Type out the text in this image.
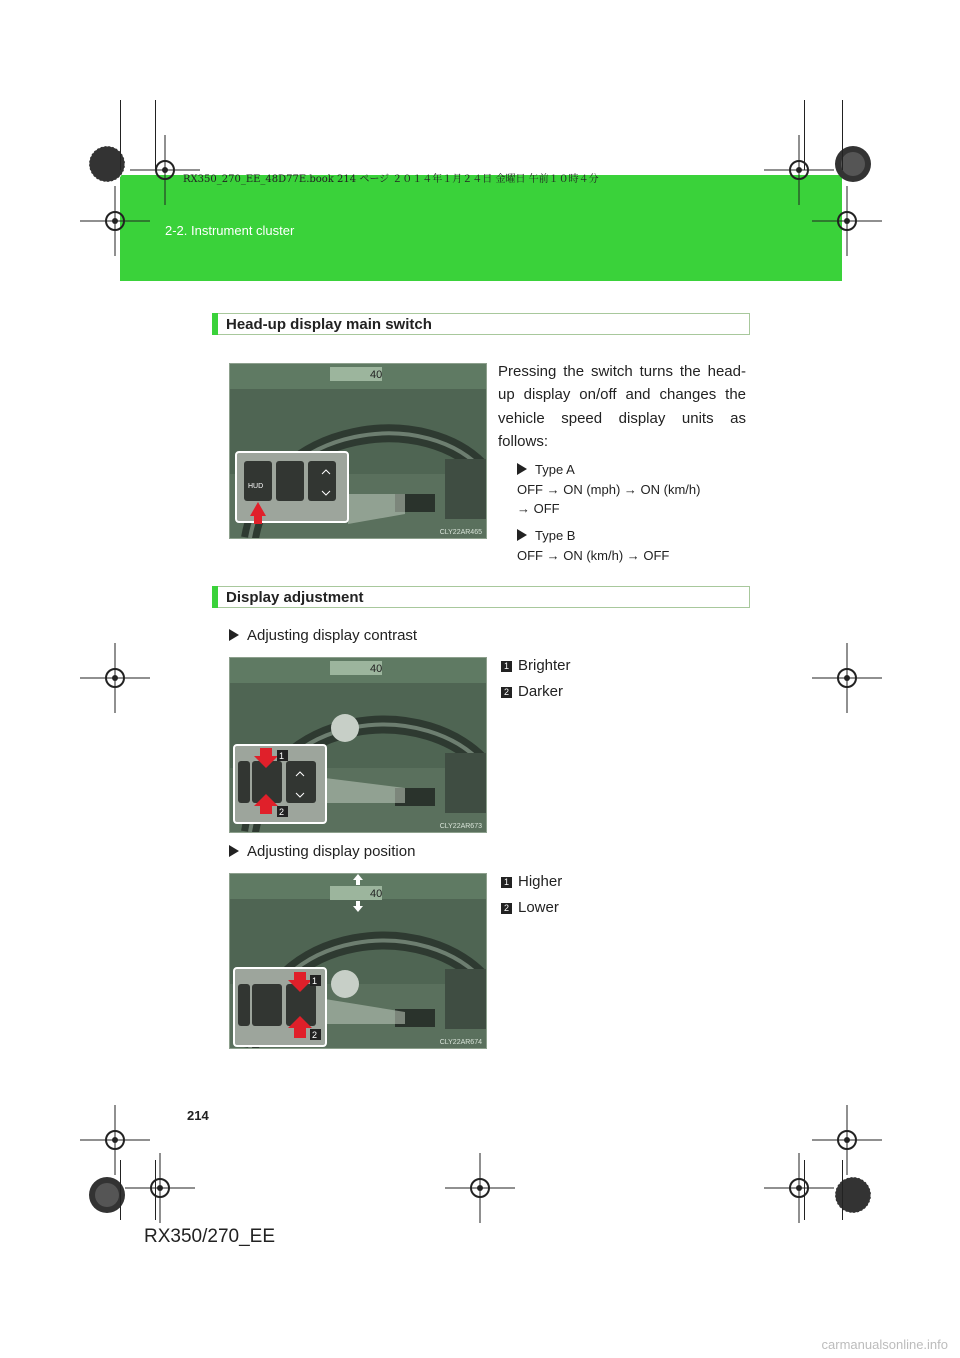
RX350_270_EE_48D77E.book 214 ページ ２０１４年１月２４日 金曜日 午前１０時４分
2-2. Instrument cluster
Head-up display main switch
40
HUD
CLY22AR465
Pressing the switch turns the head-up display on/off and changes the vehicle speed display units as follows:
Type A
OFF → ON (mph) → ON (km/h)
→ OFF
Type B
OFF → ON (km/h) → OFF
Display adjustment
Adjusting display contrast
40
1
2
CLY22AR673
1 Brighter
2 Darker
Adjusting display position
40
1
2
CLY22AR674
1 Higher
2 Lower
214
RX350/270_EE
carmanualsonline.info
